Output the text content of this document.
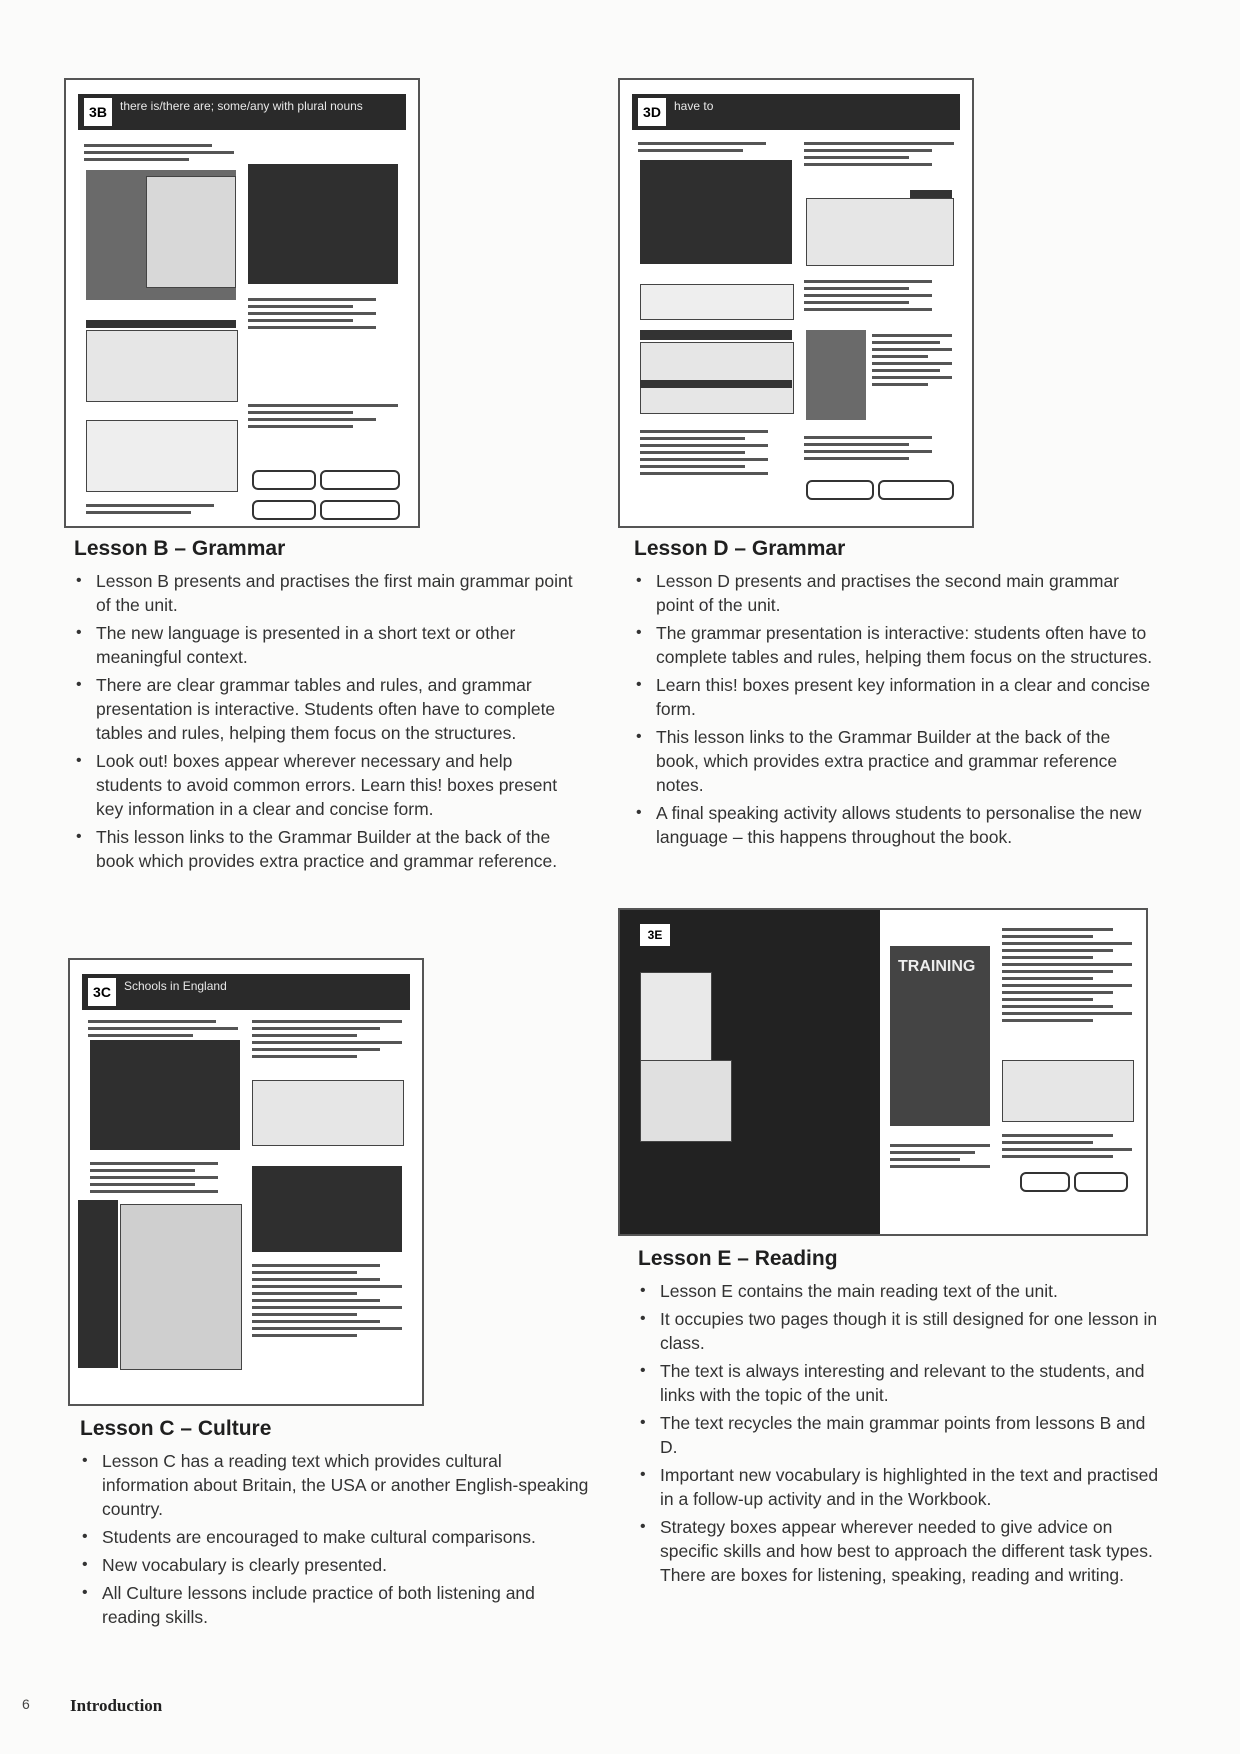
3B	there is/there are; some/any with plural nouns	3D	have to
3C	Schools in England
3E
TRAINING
Lesson B – Grammar
• Lesson B presents and practises the first main grammar point of the unit.
• The new language is presented in a short text or other meaningful context.
• There are clear grammar tables and rules, and grammar presentation is interactive. Students often have to complete tables and rules, helping them focus on the structures.
• Look out! boxes appear wherever necessary and help students to avoid common errors. Learn this! boxes present key information in a clear and concise form.
• This lesson links to the Grammar Builder at the back of the book which provides extra practice and grammar reference.
Lesson D – Grammar
• Lesson D presents and practises the second main grammar point of the unit.
• The grammar presentation is interactive: students often have to complete tables and rules, helping them focus on the structures.
• Learn this! boxes present key information in a clear and concise form.
• This lesson links to the Grammar Builder at the back of the book, which provides extra practice and grammar reference notes.
• A final speaking activity allows students to personalise the new language – this happens throughout the book.
Lesson C – Culture
• Lesson C has a reading text which provides cultural information about Britain, the USA or another English-speaking country.
• Students are encouraged to make cultural comparisons.
• New vocabulary is clearly presented.
• All Culture lessons include practice of both listening and reading skills.
Lesson E – Reading
• Lesson E contains the main reading text of the unit.
• It occupies two pages though it is still designed for one lesson in class.
• The text is always interesting and relevant to the students, and links with the topic of the unit.
• The text recycles the main grammar points from lessons B and D.
• Important new vocabulary is highlighted in the text and practised in a follow-up activity and in the Workbook.
• Strategy boxes appear wherever needed to give advice on specific skills and how best to approach the different task types. There are boxes for listening, speaking, reading and writing.
6 Introduction
